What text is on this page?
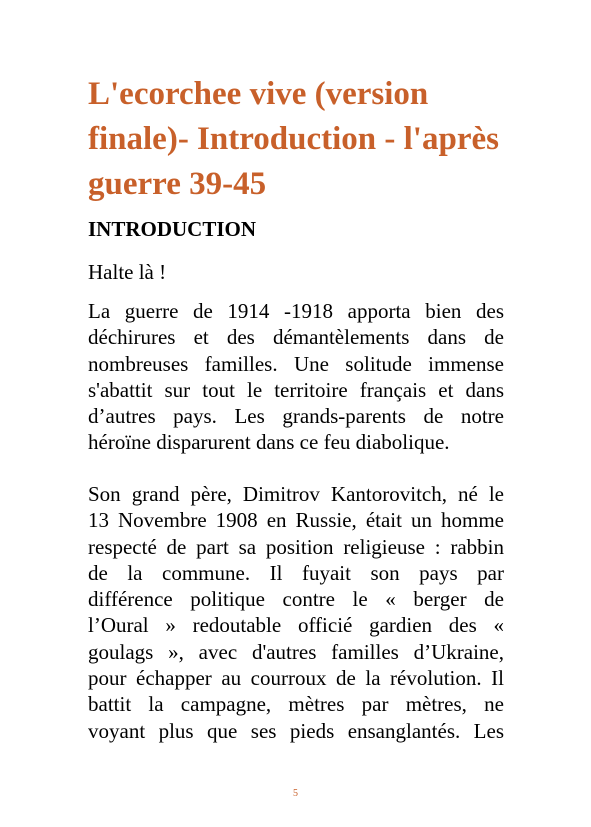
L'ecorchee vive (version finale)- Introduction - l'après guerre 39-45
INTRODUCTION

Halte là !

La guerre de 1914 -1918 apporta bien des
déchirures et des démantèlements dans de
nombreuses familles. Une solitude immense
s'abattit sur tout le territoire français et dans
d’autres pays. Les grands-parents de notre
héroïne disparurent dans ce feu diabolique.

Son grand père, Dimitrov Kantorovitch, né le
13 Novembre 1908 en Russie, était un homme
respecté de part sa position religieuse : rabbin
de la commune. Il fuyait son pays par
différence politique contre le « berger de
l’Oural » redoutable officié gardien des «
goulags », avec d'autres familles d’Ukraine,
pour échapper au courroux de la révolution. Il
battit la campagne, mètres par mètres, ne
voyant plus que ses pieds ensanglantés. Les

5
